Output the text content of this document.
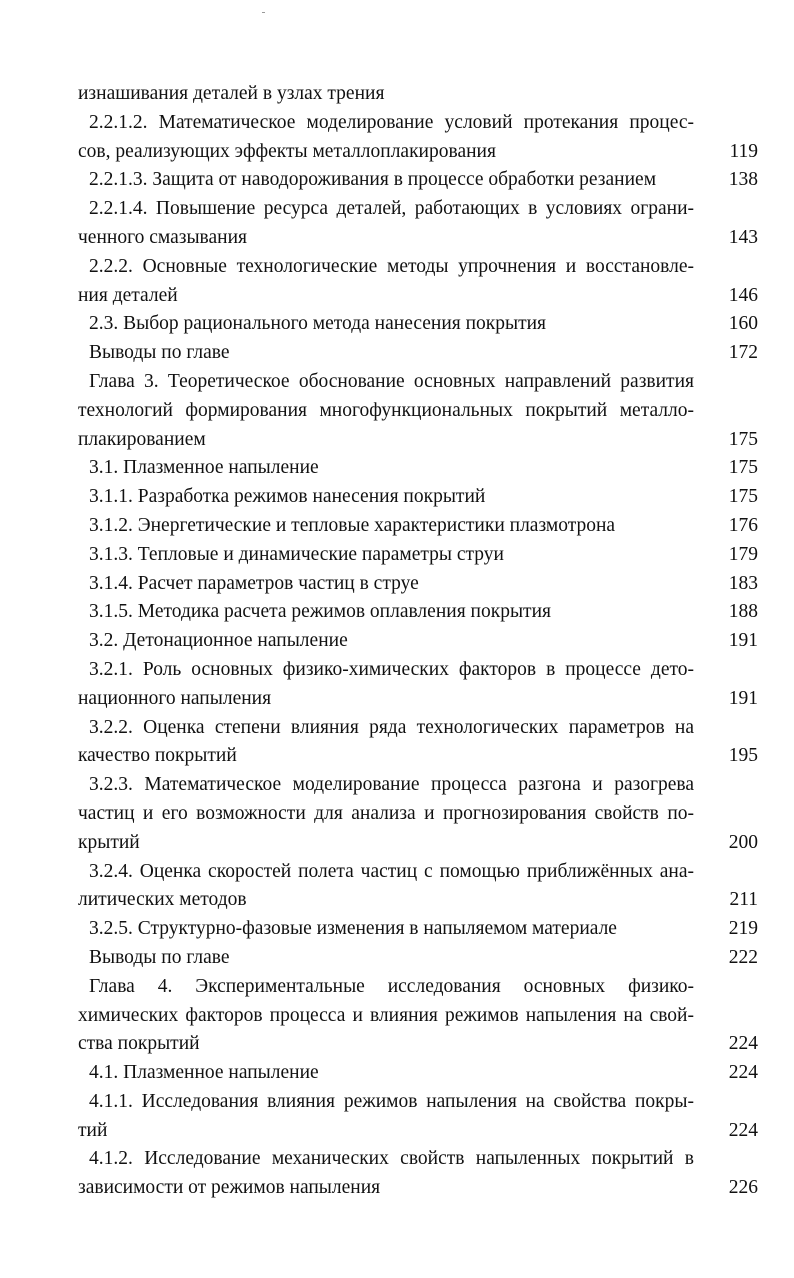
изнашивания деталей в узлах трения
2.2.1.2. Математическое моделирование условий протекания процес-
сов, реализующих эффекты металлоплакирования	119
2.2.1.3. Защита от наводороживания в процессе обработки резанием	138
2.2.1.4. Повышение ресурса деталей, работающих в условиях ограни-
ченного смазывания	143
2.2.2. Основные технологические методы упрочнения и восстановле-
ния деталей	146
2.3. Выбор рационального метода нанесения покрытия	160
Выводы по главе	172
Глава 3. Теоретическое обоснование основных направлений развития
технологий формирования многофункциональных покрытий металло-
плакированием	175
3.1. Плазменное напыление	175
3.1.1. Разработка режимов нанесения покрытий	175
3.1.2. Энергетические и тепловые характеристики плазмотрона	176
3.1.3. Тепловые и динамические параметры струи	179
3.1.4. Расчет параметров частиц в струе	183
3.1.5. Методика расчета режимов оплавления покрытия	188
3.2. Детонационное напыление	191
3.2.1. Роль основных физико-химических факторов в процессе дето-
национного напыления	191
3.2.2. Оценка степени влияния ряда технологических параметров на
качество покрытий	195
3.2.3. Математическое моделирование процесса разгона и разогрева
частиц и его возможности для анализа и прогнозирования свойств по-
крытий	200
3.2.4. Оценка скоростей полета частиц с помощью приближённых ана-
литических методов	211
3.2.5. Структурно-фазовые изменения в напыляемом материале	219
Выводы по главе	222
Глава 4. Экспериментальные исследования основных физико-
химических факторов процесса и влияния режимов напыления на свой-
ства покрытий	224
4.1. Плазменное напыление	224
4.1.1. Исследования влияния режимов напыления на свойства покры-
тий	224
4.1.2. Исследование механических свойств напыленных покрытий в
зависимости от режимов напыления	226
